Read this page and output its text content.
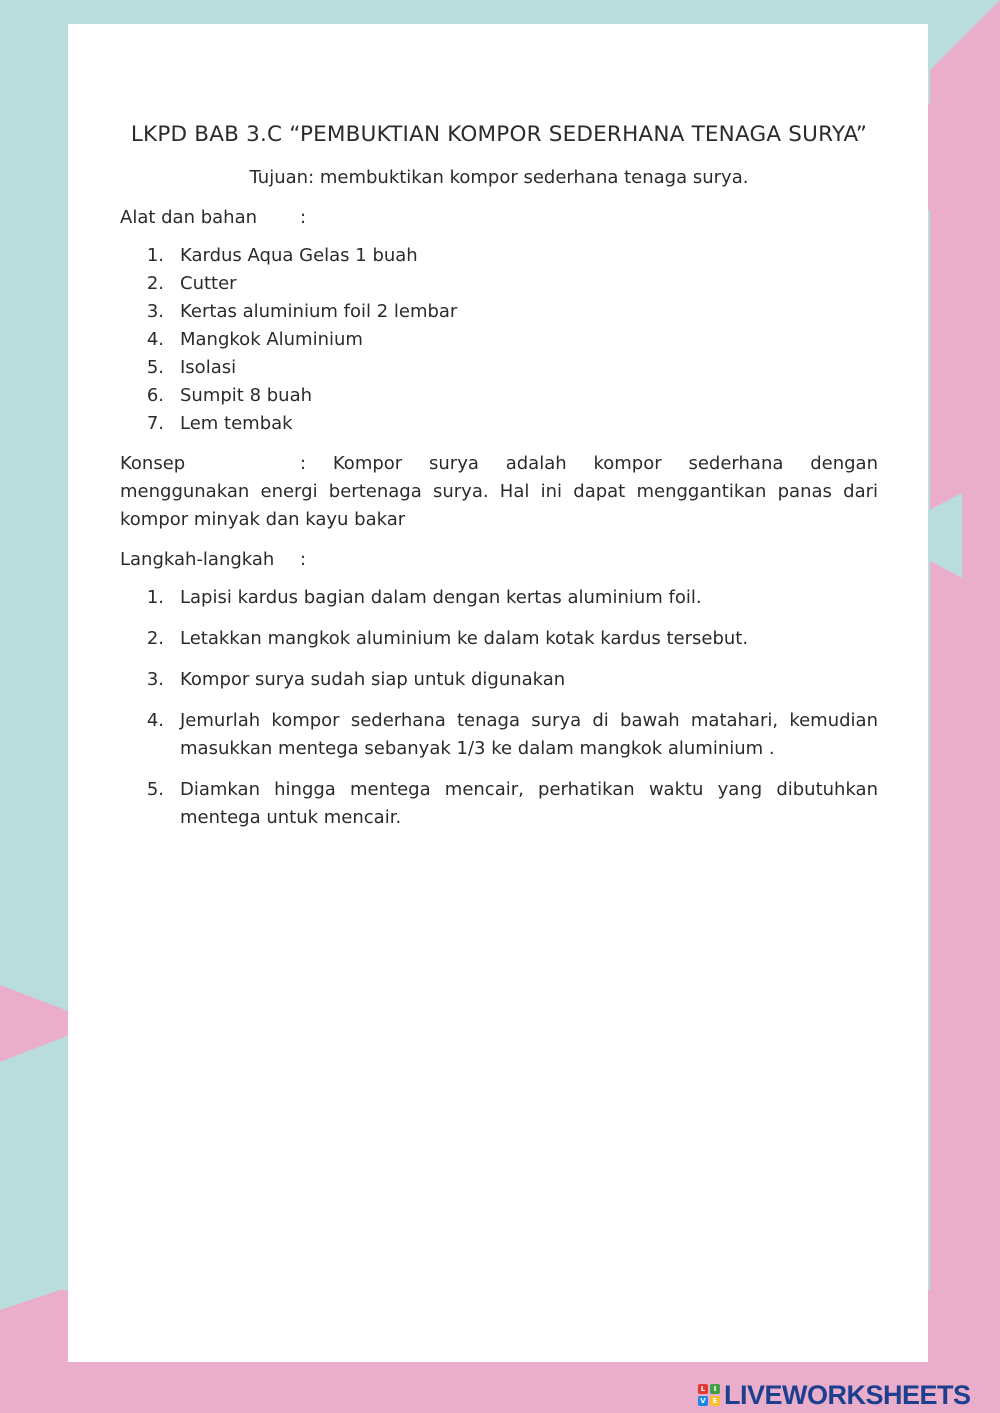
LKPD BAB 3.C “PEMBUKTIAN KOMPOR SEDERHANA TENAGA SURYA”

Tujuan: membuktikan kompor sederhana tenaga surya.

Alat dan bahan :

1. Kardus Aqua Gelas 1 buah
2. Cutter
3. Kertas aluminium foil 2 lembar
4. Mangkok Aluminium
5. Isolasi
6. Sumpit 8 buah
7. Lem tembak

Konsep	: Kompor surya adalah kompor sederhana dengan menggunakan energi bertenaga surya. Hal ini dapat menggantikan panas dari kompor minyak dan kayu bakar

Langkah-langkah :

1. Lapisi kardus bagian dalam dengan kertas aluminium foil.
2. Letakkan mangkok aluminium ke dalam kotak kardus tersebut.
3. Kompor surya sudah siap untuk digunakan
4. Jemurlah kompor sederhana tenaga surya di bawah matahari, kemudian masukkan mentega sebanyak 1/3 ke dalam mangkok aluminium .
5. Diamkan hingga mentega mencair, perhatikan waktu yang dibutuhkan mentega untuk mencair.
L	I
V E LIVEWORKSHEETS
